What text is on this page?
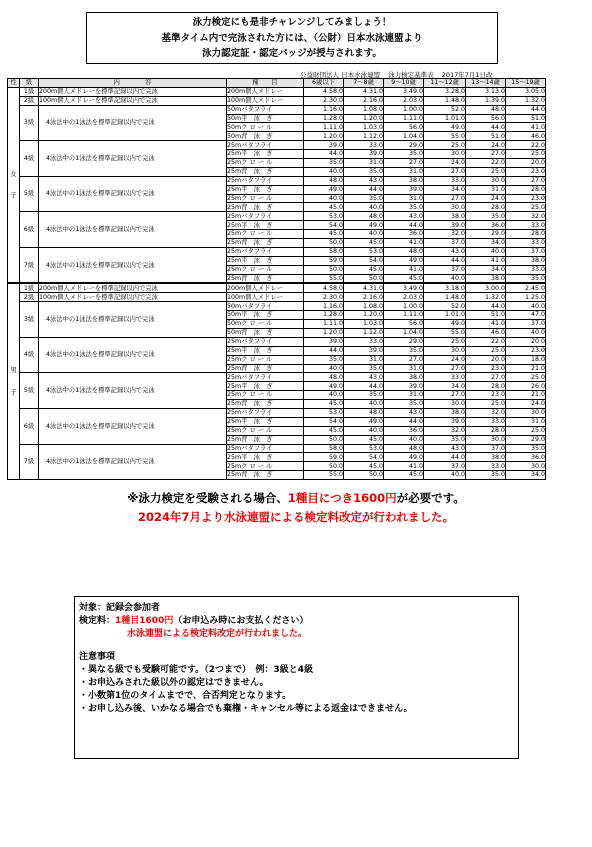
泳力検定にも是非チャレンジしてみましょう！
基準タイム内で完泳された方には、（公財）日本水泳連盟より
泳力認定証・認定バッジが授与されます。
公益財団法人 日本水泳連盟 泳力検定基準表 2017年7月1日改
性	級	内　　　　容	種　　目	6歳以下	7～8歳	9～10歳	11～12歳	13～14歳	15～19歳
女

子	1級	200m個人メドレーを標準記録以内で完泳	200m個人メドレー	4.58.0	4.31.0	3.49.0	3.28.0	3.13.0	3.05.0
	2級	100m個人メドレーを標準記録以内で完泳	100m個人メドレー	2.30.0	2.16.0	2.03.0	1.48.0	1.39.0	1.32.0
	3級	4泳法中の1泳法を標準記録以内で完泳	50mバタフライ	1.16.0	1.08.0	1.00.0	52.0	48.0	44.0
			50m平　泳　ぎ	1.28.0	1.20.0	1.11.0	1.01.0	56.0	51.0
			50mク ロ ー ル	1.11.0	1.03.0	56.0	49.0	44.0	41.0
			50m背　泳　ぎ	1.20.0	1.12.0	1.04.0	55.0	51.0	46.0
	4級	4泳法中の1泳法を標準記録以内で完泳	25mバタフライ	39.0	33.0	29.0	25.0	24.0	22.0
			25m平　泳　ぎ	44.0	39.0	35.0	30.0	27.0	25.0
			25mク ロ ー ル	35.0	31.0	27.0	24.0	22.0	20.0
			25m背　泳　ぎ	40.0	35.0	31.0	27.0	25.0	23.0
	5級	4泳法中の1泳法を標準記録以内で完泳	25mバタフライ	48.0	43.0	38.0	33.0	30.0	27.0
			25m平　泳　ぎ	49.0	44.0	39.0	34.0	31.0	28.0
			25mク ロ ー ル	40.0	35.0	31.0	27.0	24.0	23.0
			25m背　泳　ぎ	45.0	40.0	35.0	30.0	28.0	25.0
	6級	4泳法中の1泳法を標準記録以内で完泳	25mバタフライ	53.0	48.0	43.0	38.0	35.0	32.0
			25m平　泳　ぎ	54.0	49.0	44.0	39.0	36.0	33.0
			25mク ロ ー ル	45.0	40.0	36.0	32.0	29.0	28.0
			25m背　泳　ぎ	50.0	45.0	41.0	37.0	34.0	33.0
	7級	4泳法中の1泳法を標準記録以内で完泳	25mバタフライ	58.0	53.0	48.0	43.0	40.0	37.0
			25m平　泳　ぎ	59.0	54.0	49.0	44.0	41.0	38.0
			25mク ロ ー ル	50.0	45.0	41.0	37.0	34.0	33.0
			25m背　泳　ぎ	55.0	50.0	45.0	40.0	38.0	35.0
男

子	1級	200m個人メドレーを標準記録以内で完泳	200m個人メドレー	4.58.0	4.31.0	3.49.0	3.18.0	3.00.0	2.45.0
	2級	100m個人メドレーを標準記録以内で完泳	100m個人メドレー	2.30.0	2.16.0	2.03.0	1.48.0	1.32.0	1.25.0
	3級	4泳法中の1泳法を標準記録以内で完泳	50mバタフライ	1.16.0	1.08.0	1.00.0	52.0	44.0	40.0
			50m平　泳　ぎ	1.28.0	1.20.0	1.11.0	1.01.0	51.0	47.0
			50mク ロ ー ル	1.11.0	1.03.0	56.0	49.0	41.0	37.0
			50m背　泳　ぎ	1.20.0	1.12.0	1.04.0	55.0	46.0	40.0
	4級	4泳法中の1泳法を標準記録以内で完泳	25mバタフライ	39.0	33.0	29.0	25.0	22.0	20.0
			25m平　泳　ぎ	44.0	39.0	35.0	30.0	25.0	23.0
			25mク ロ ー ル	35.0	31.0	27.0	24.0	20.0	18.0
			25m背　泳　ぎ	40.0	35.0	31.0	27.0	23.0	21.0
	5級	4泳法中の1泳法を標準記録以内で完泳	25mバタフライ	48.0	43.0	38.0	33.0	27.0	25.0
			25m平　泳　ぎ	49.0	44.0	39.0	34.0	28.0	26.0
			25mク ロ ー ル	40.0	35.0	31.0	27.0	23.0	21.0
			25m背　泳　ぎ	45.0	40.0	35.0	30.0	25.0	24.0
	6級	4泳法中の1泳法を標準記録以内で完泳	25mバタフライ	53.0	48.0	43.0	38.0	32.0	30.0
			25m平　泳　ぎ	54.0	49.0	44.0	39.0	33.0	31.0
			25mク ロ ー ル	45.0	40.0	36.0	32.0	28.0	25.0
			25m背　泳　ぎ	50.0	45.0	40.0	35.0	30.0	29.0
	7級	4泳法中の1泳法を標準記録以内で完泳	25mバタフライ	58.0	53.0	48.0	43.0	37.0	35.0
			25m平　泳　ぎ	59.0	54.0	49.0	44.0	38.0	36.0
			25mク ロ ー ル	50.0	45.0	41.0	37.0	33.0	30.0
			25m背　泳　ぎ	55.0	50.0	45.0	40.0	35.0	34.0
※泳力検定を受験される場合、1種目につき1600円が必要です。
2024年7月より水泳連盟による検定料改定が行われました。
対象：記録会参加者
検定料：1種目1600円（お申込み時にお支払ください）
水泳連盟による検定料改定が行われました。
注意事項
・異なる級でも受験可能です。（2つまで）　例：3級と4級
・お申込みされた級以外の認定はできません。
・小数第1位のタイムまでで、合否判定となります。
・お申し込み後、いかなる場合でも棄権・キャンセル等による返金はできません。
